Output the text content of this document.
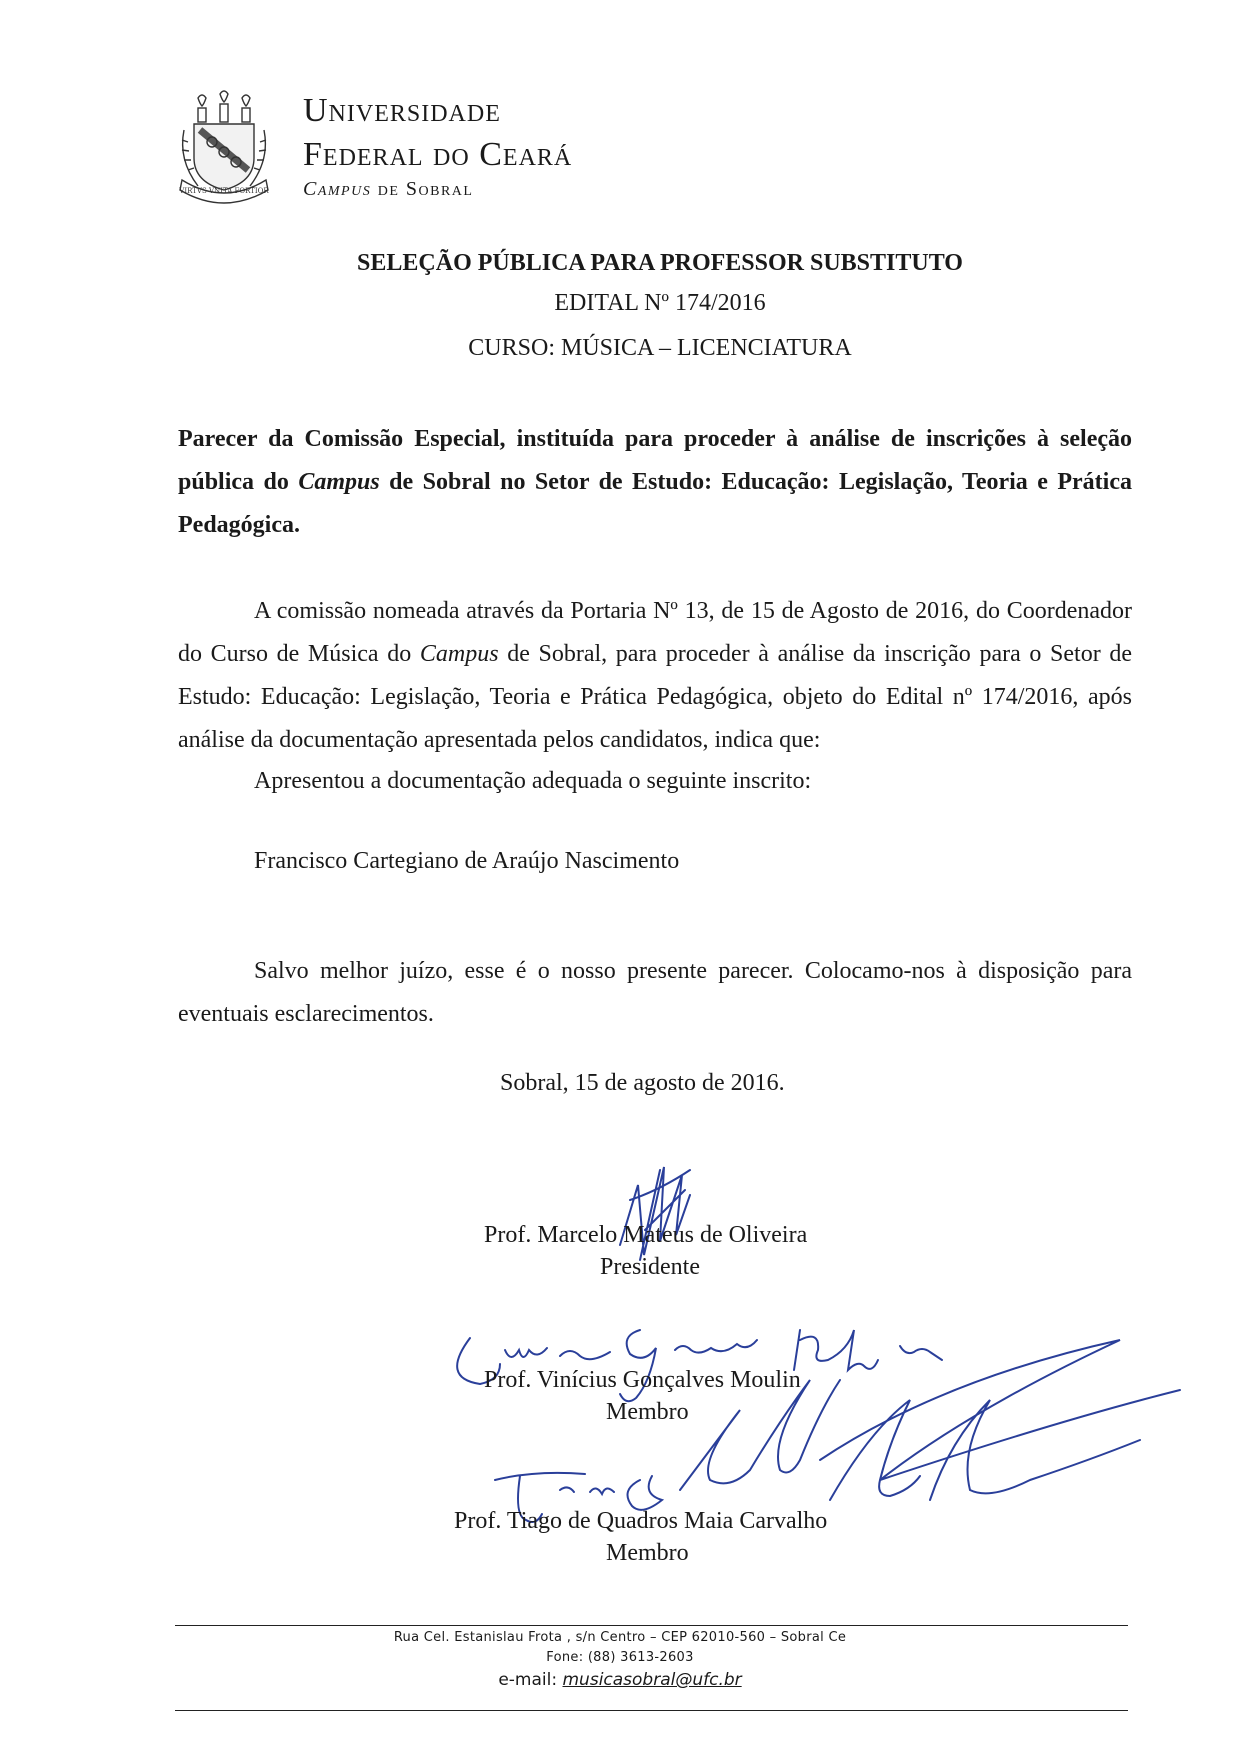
VIRTVS VNITA FORTIOR
Universidade
Federal do Ceará
Campus de Sobral
SELEÇÃO PÚBLICA PARA PROFESSOR SUBSTITUTO
EDITAL Nº 174/2016
CURSO: MÚSICA – LICENCIATURA
Parecer da Comissão Especial, instituída para proceder à análise de inscrições à seleção pública do Campus de Sobral no Setor de Estudo: Educação: Legislação, Teoria e Prática Pedagógica.
A comissão nomeada através da Portaria Nº 13, de 15 de Agosto de 2016, do Coordenador do Curso de Música do Campus de Sobral, para proceder à análise da inscrição para o Setor de Estudo: Educação: Legislação, Teoria e Prática Pedagógica, objeto do Edital nº 174/2016, após análise da documentação apresentada pelos candidatos, indica que:
Apresentou a documentação adequada o seguinte inscrito:
Francisco Cartegiano de Araújo Nascimento
Salvo melhor juízo, esse é o nosso presente parecer. Colocamo-nos à disposição para eventuais esclarecimentos.
Sobral, 15 de agosto de 2016.
Prof. Marcelo Mateus de Oliveira
Presidente
Prof. Vinícius Gonçalves Moulin
Membro
Prof. Tiago de Quadros Maia Carvalho
Membro
Rua Cel. Estanislau Frota , s/n Centro – CEP 62010-560 – Sobral Ce
Fone: (88) 3613-2603
e-mail: musicasobral@ufc.br
